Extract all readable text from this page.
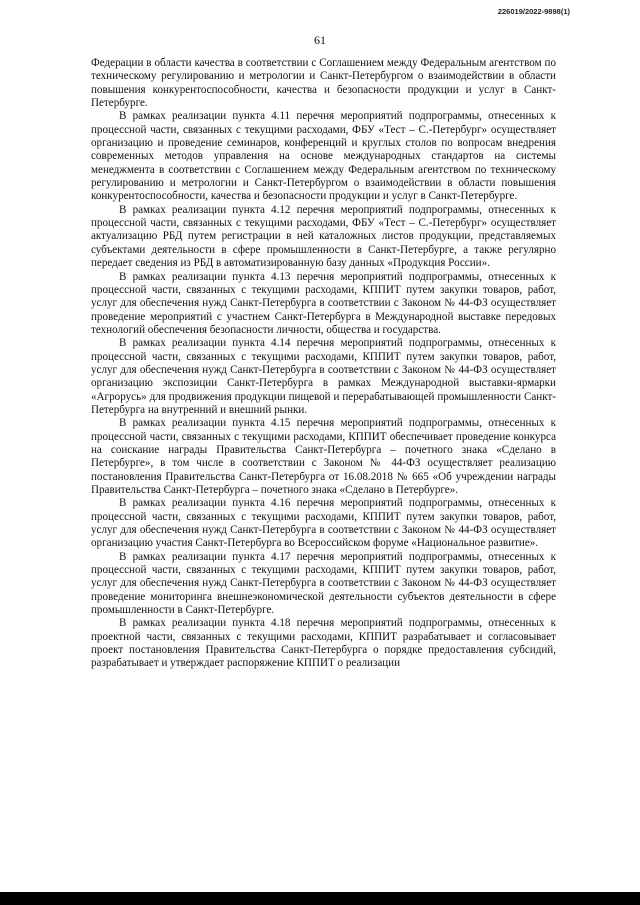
226019/2022-9898(1)
61

Федерации в области качества в соответствии с Соглашением между Федеральным агентством по техническому регулированию и метрологии и Санкт-Петербургом о взаимодействии в области повышения конкурентоспособности, качества и безопасности продукции и услуг в Санкт-Петербурге.

В рамках реализации пункта 4.11 перечня мероприятий подпрограммы, отнесенных к процессной части, связанных с текущими расходами, ФБУ «Тест – С.-Петербург» осуществляет организацию и проведение семинаров, конференций и круглых столов по вопросам внедрения современных методов управления на основе международных стандартов на системы менеджмента в соответствии с Соглашением между Федеральным агентством по техническому регулированию и метрологии и Санкт-Петербургом о взаимодействии в области повышения конкурентоспособности, качества и безопасности продукции и услуг в Санкт-Петербурге.

В рамках реализации пункта 4.12 перечня мероприятий подпрограммы, отнесенных к процессной части, связанных с текущими расходами, ФБУ «Тест – С.-Петербург» осуществляет актуализацию РБД путем регистрации в ней каталожных листов продукции, представляемых субъектами деятельности в сфере промышленности в Санкт-Петербурге, а также регулярно передает сведения из РБД в автоматизированную базу данных «Продукция России».

В рамках реализации пункта 4.13 перечня мероприятий подпрограммы, отнесенных к процессной части, связанных с текущими расходами, КППИТ путем закупки товаров, работ, услуг для обеспечения нужд Санкт-Петербурга в соответствии с Законом № 44-ФЗ осуществляет проведение мероприятий с участием Санкт-Петербурга в Международной выставке передовых технологий обеспечения безопасности личности, общества и государства.

В рамках реализации пункта 4.14 перечня мероприятий подпрограммы, отнесенных к процессной части, связанных с текущими расходами, КППИТ путем закупки товаров, работ, услуг для обеспечения нужд Санкт-Петербурга в соответствии с Законом № 44-ФЗ осуществляет организацию экспозиции Санкт-Петербурга в рамках Международной выставки-ярмарки «Агрорусь» для продвижения продукции пищевой и перерабатывающей промышленности Санкт-Петербурга на внутренний и внешний рынки.

В рамках реализации пункта 4.15 перечня мероприятий подпрограммы, отнесенных к процессной части, связанных с текущими расходами, КППИТ обеспечивает проведение конкурса на соискание награды Правительства Санкт-Петербурга – почетного знака «Сделано в Петербурге», в том числе в соответствии с Законом № 44-ФЗ осуществляет реализацию постановления Правительства Санкт-Петербурга от 16.08.2018 № 665 «Об учреждении награды Правительства Санкт-Петербурга – почетного знака «Сделано в Петербурге».

В рамках реализации пункта 4.16 перечня мероприятий подпрограммы, отнесенных к процессной части, связанных с текущими расходами, КППИТ путем закупки товаров, работ, услуг для обеспечения нужд Санкт-Петербурга в соответствии с Законом № 44-ФЗ осуществляет организацию участия Санкт-Петербурга во Всероссийском форуме «Национальное развитие».

В рамках реализации пункта 4.17 перечня мероприятий подпрограммы, отнесенных к процессной части, связанных с текущими расходами, КППИТ путем закупки товаров, работ, услуг для обеспечения нужд Санкт-Петербурга в соответствии с Законом № 44-ФЗ осуществляет проведение мониторинга внешнеэкономической деятельности субъектов деятельности в сфере промышленности в Санкт-Петербурге.

В рамках реализации пункта 4.18 перечня мероприятий подпрограммы, отнесенных к проектной части, связанных с текущими расходами, КППИТ разрабатывает и согласовывает проект постановления Правительства Санкт-Петербурга о порядке предоставления субсидий, разрабатывает и утверждает распоряжение КППИТ о реализации
